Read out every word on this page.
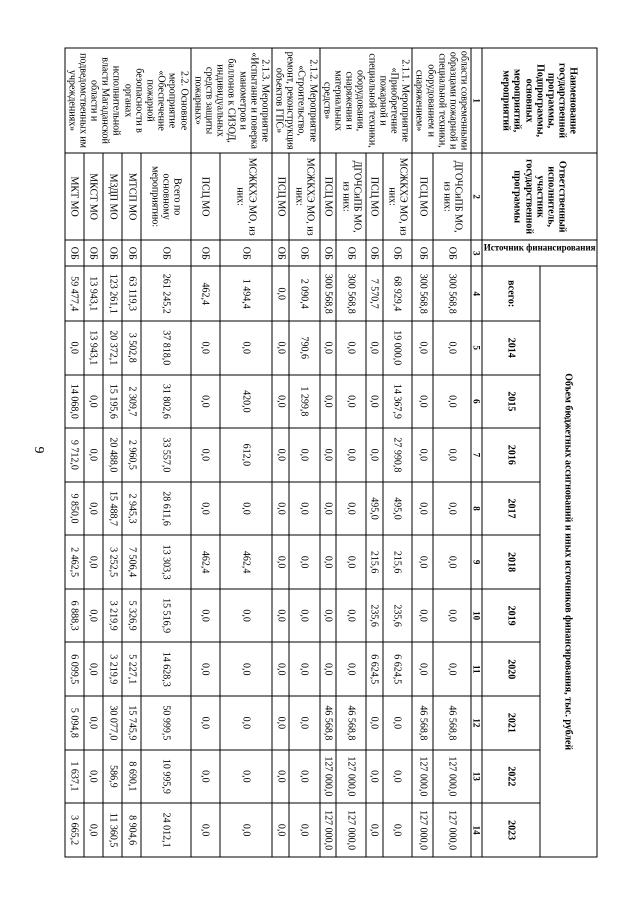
9
Наименование государственной программы, Подпрограммы, основных мероприятий, мероприятий	Ответственный исполнитель, участник государственной программы	Источник финансирования	Объем бюджетных ассигнований и иных источников финансирования, тыс. рублей										
			всего:	2014	2015	2016	2017	2018	2019	2020	2021	2022	2023
1	2	3	4	5	6	7	8	9	10	11	12	13	14
области современными образцами пожарной и специальной техники, оборудованием и снаряжением»	ДГОЧСиПБ МО, из них:	ОБ	300 568,8	0,0	0,0	0,0	0,0	0,0	0,0	0,0	46 568,8	127 000,0	127 000,0
	ПСЦ МО	ОБ	300 568,8	0,0	0,0	0,0	0,0	0,0	0,0	0,0	46 568,8	127 000,0	127 000,0
2.1.1. Мероприятие «Приобретение пожарной и специальной техники, оборудования, снаряжения и материальных средств»	МСЖКХЭ МО, из них:	ОБ	68 929,4	19 000,0	14 367,9	27 990,8	495,0	215,6	235,6	6 624,5	0,0	0,0	0,0
	ПСЦ МО	ОБ	7 570,7	0,0	0,0	0,0	495,0	215,6	235,6	6 624,5	0,0	0,0	0,0
	ДГОЧСиПБ МО, из них:	ОБ	300 568,8	0,0	0,0	0,0	0,0	0,0	0,0	0,0	46 568,8	127 000,0	127 000,0
	ПСЦ МО	ОБ	300 568,8	0,0	0,0	0,0	0,0	0,0	0,0	0,0	46 568,8	127 000,0	127 000,0
2.1.2. Мероприятие «Строительство, ремонт, реконструкция объектов ГПС»	МСЖКХЭ МО, из них:	ОБ	2 090,4	790,6	1 299,8	0,0	0,0	0,0	0,0	0,0	0,0	0,0	0,0
	ПСЦ МО	ОБ	0,0	0,0	0,0	0,0	0,0	0,0	0,0	0,0	0,0	0,0	0,0
2.1.3. Мероприятие «Испытание и поверка манометров и баллонов к СИЗОД, индивидуальных средств защиты пожарных»	МСЖКХЭ МО, из них:	ОБ	1 494,4	0,0	420,0	612,0	0,0	462,4	0,0	0,0	0,0	0,0	0,0
	ПСЦ МО	ОБ	462,4	0,0	0,0	0,0	0,0	462,4	0,0	0,0	0,0	0,0	0,0
2.2. Основное мероприятие «Обеспечение пожарной безопасности в органах исполнительной власти Магаданской области и подведомственных им учреждениях»	Всего по основному мероприятию:	ОБ	261 245,2	37 818,0	31 802,6	33 557,0	28 611,6	13 303,3	15 516,9	14 628,3	50 999,5	10 995,9	24 012,1
	МТСП МО	ОБ	63 119,3	3 502,8	2 309,7	2 960,5	2 945,3	7 506,4	5 326,9	5 227,1	15 745,9	8 690,1	8 904,6
	МЗДП МО	ОБ	123 261,1	20 372,1	15 195,6	20 488,0	15 488,7	3 252,5	3 219,9	3 219,9	30 077,0	586,9	11 360,5
	МКСТ МО	ОБ	13 943,1	13 943,1	0,0	0,0	0,0	0,0	0,0	0,0	0,0	0,0	0,0
	МКТ МО	ОБ	59 477,4	0,0	14 068,0	9 712,0	9 850,0	2 462,5	6 888,3	6 099,5	5 094,8	1 637,1	3 665,2
